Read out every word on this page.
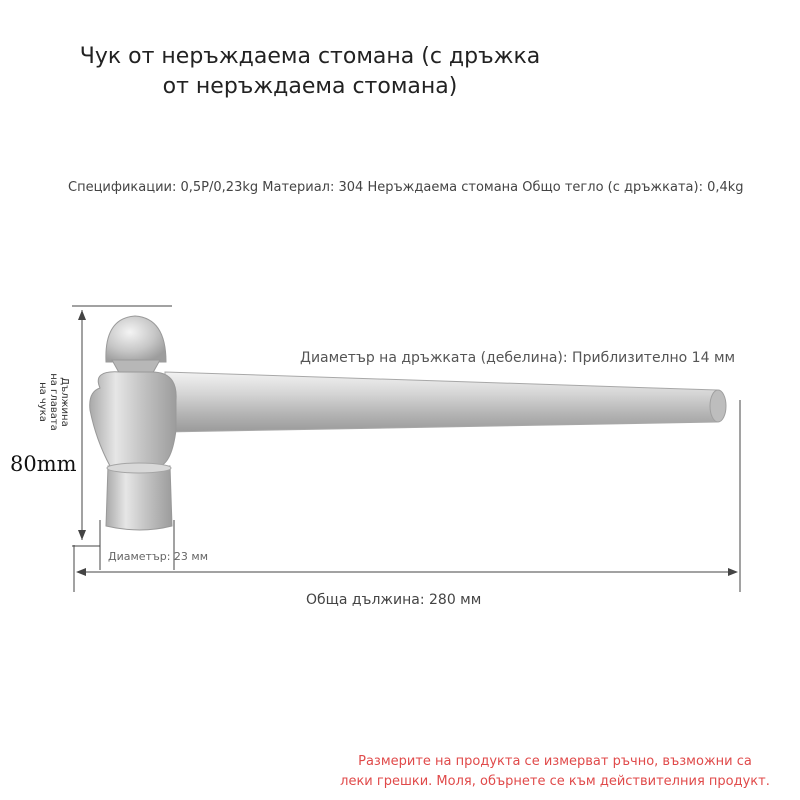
Чук от неръждаема стомана (с дръжка
от неръждаема стомана)
Спецификации: 0,5P/0,23kg Материал: 304 Неръждаема стомана Общо тегло (с дръжката): 0,4kg
Диаметър на дръжката (дебелина): Приблизително 14 мм
Дължина на главата на чука
80mm
Диаметър: 23 мм
Обща дължина: 280 мм
Размерите на продукта се измерват ръчно, възможни са
леки грешки. Моля, обърнете се към действителния продукт.
